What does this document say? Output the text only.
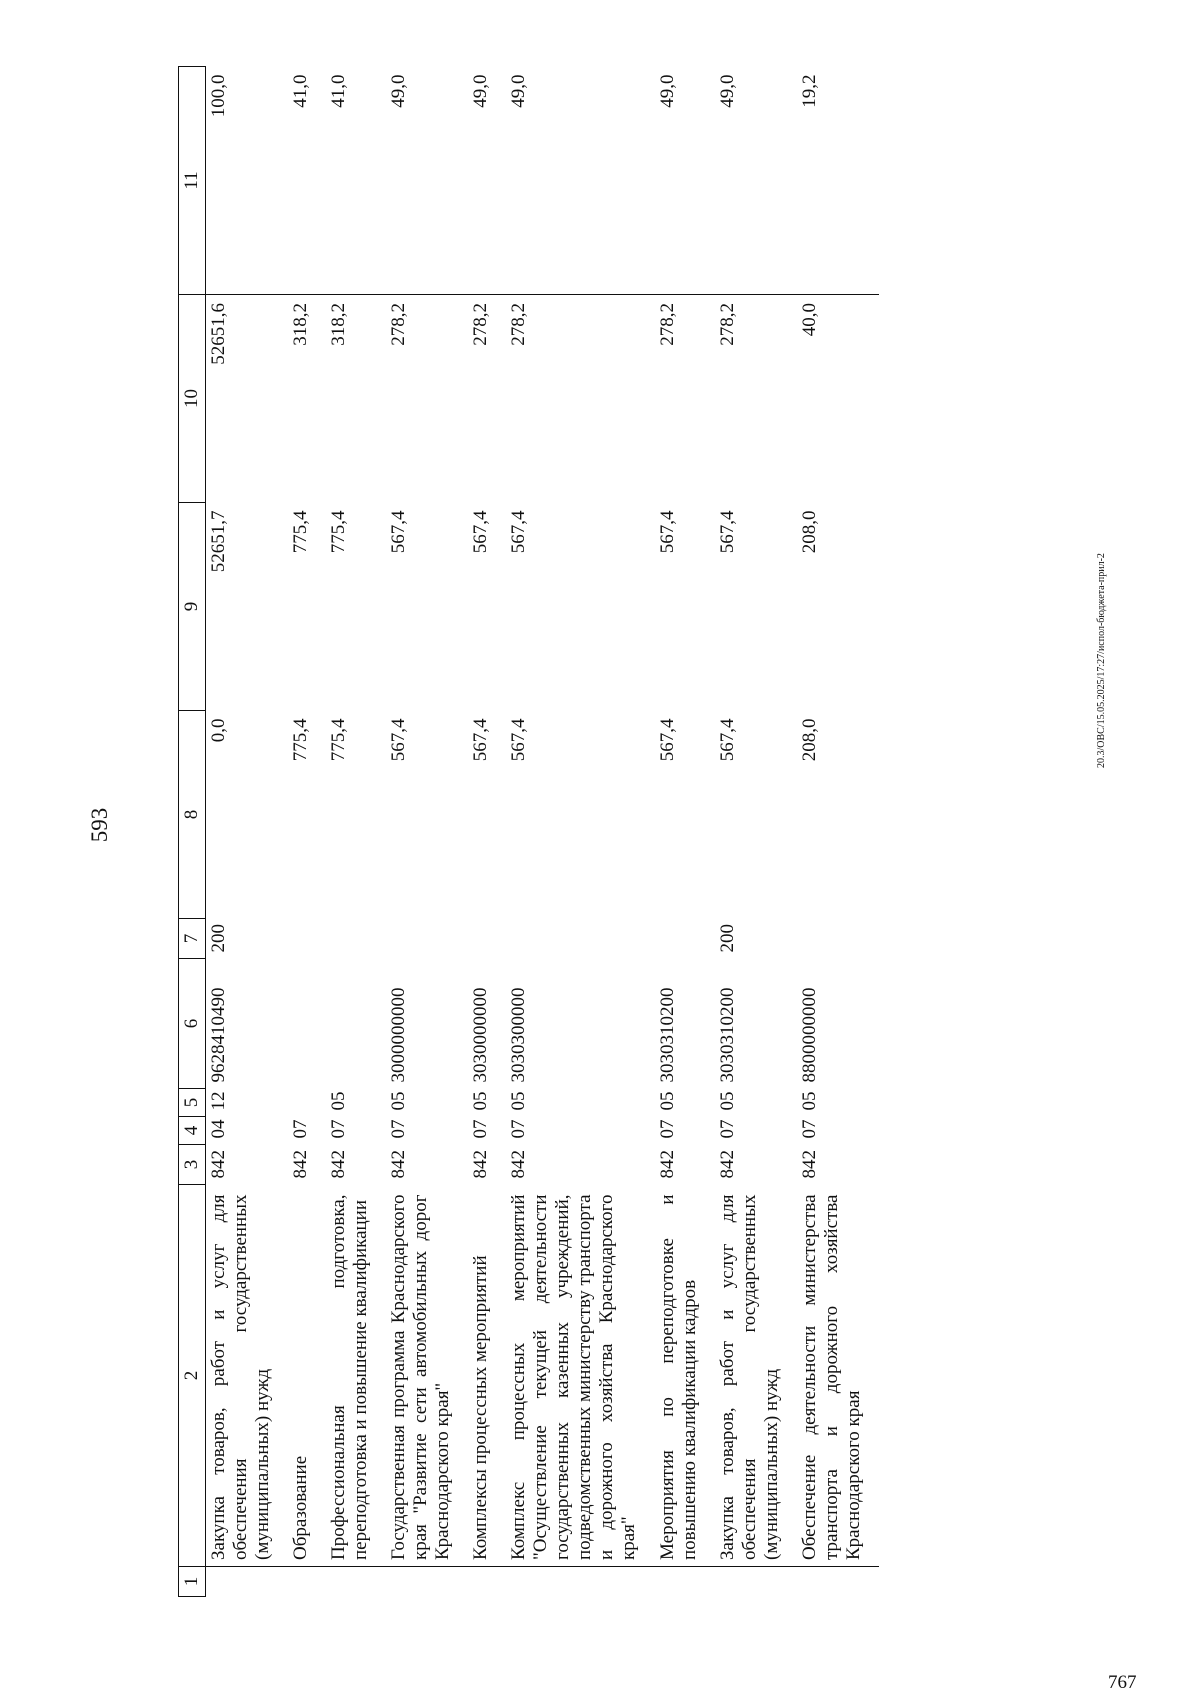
593
20.3/ОВС/15.05.2025/17:27/испол-бюджета-прил-2
767
1	2	3	4	5	6	7	8	9	10	11
	Закупка товаров, работ и услуг для обеспечения государственных (муниципальных) нужд	842	04	12	9628410490	200	0,0	52651,7	52651,6	100,0
	Образование	842	07				775,4	775,4	318,2	41,0
	Профессиональная подготовка, переподготовка и повышение квалификации	842	07	05			775,4	775,4	318,2	41,0
	Государственная программа Краснодарского края "Развитие сети автомобильных дорог Краснодарского края"	842	07	05	3000000000		567,4	567,4	278,2	49,0
	Комплексы процессных мероприятий	842	07	05	3030000000		567,4	567,4	278,2	49,0
	Комплекс процессных мероприятий "Осуществление текущей деятельности государственных казенных учреждений, подведомственных министерству транспорта и дорожного хозяйства Краснодарского края"	842	07	05	3030300000		567,4	567,4	278,2	49,0
	Мероприятия по переподготовке и повышению квалификации кадров	842	07	05	3030310200		567,4	567,4	278,2	49,0
	Закупка товаров, работ и услуг для обеспечения государственных (муниципальных) нужд	842	07	05	3030310200	200	567,4	567,4	278,2	49,0
	Обеспечение деятельности министерства транспорта и дорожного хозяйства Краснодарского края	842	07	05	8800000000		208,0	208,0	40,0	19,2
